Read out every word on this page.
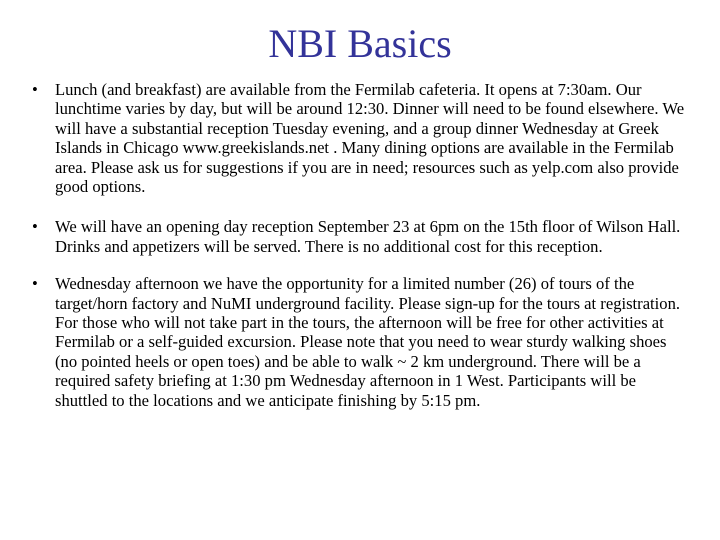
NBI Basics
•	Lunch (and breakfast) are available from the Fermilab cafeteria. It opens at 7:30am. Our lunchtime varies by day, but will be around 12:30. Dinner will need to be found elsewhere. We will have a substantial reception Tuesday evening, and a group dinner Wednesday at Greek Islands in Chicago www.greekislands.net . Many dining options are available in the Fermilab area. Please ask us for suggestions if you are in need; resources such as yelp.com also provide good options.
•	We will have an opening day reception September 23 at 6pm on the 15th floor of Wilson Hall. Drinks and appetizers will be served. There is no additional cost for this reception.
•	Wednesday afternoon we have the opportunity for a limited number (26) of tours of the target/horn factory and NuMI underground facility. Please sign-up for the tours at registration. For those who will not take part in the tours, the afternoon will be free for other activities at Fermilab or a self-guided excursion. Please note that you need to wear sturdy walking shoes (no pointed heels or open toes) and be able to walk ~ 2 km underground. There will be a required safety briefing at 1:30 pm Wednesday afternoon in 1 West. Participants will be shuttled to the locations and we anticipate finishing by 5:15 pm.
